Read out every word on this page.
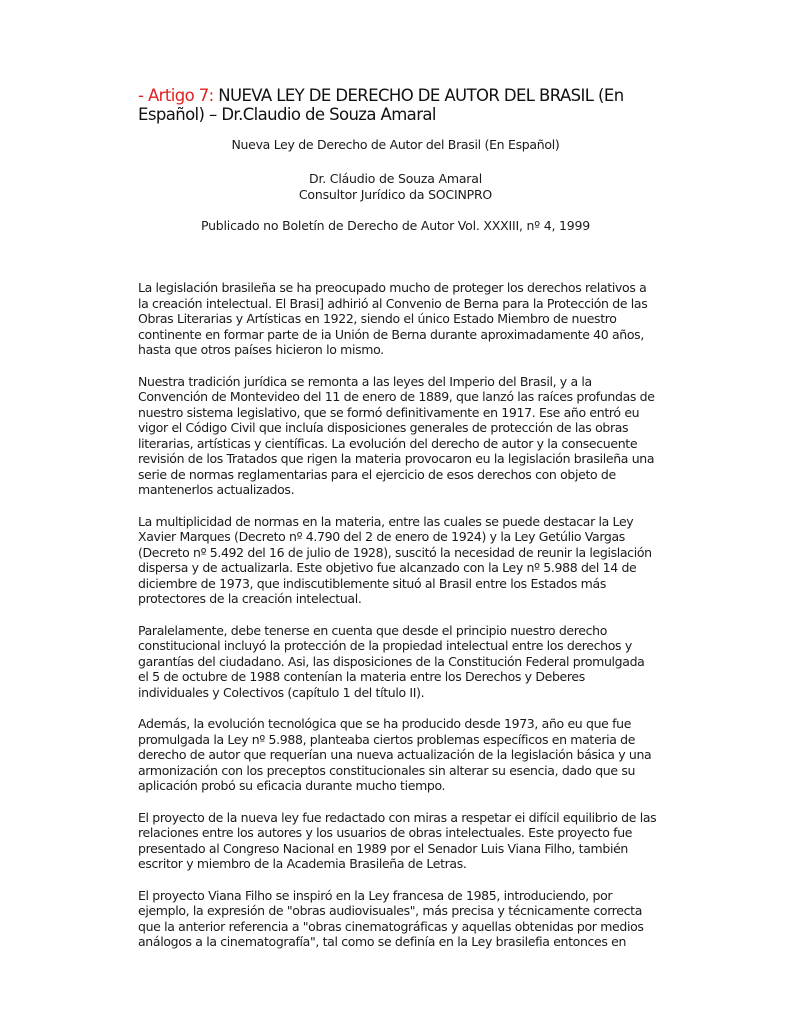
- Artigo 7: NUEVA LEY DE DERECHO DE AUTOR DEL BRASIL (En Español) – Dr.Claudio de Souza Amaral
Nueva Ley de Derecho de Autor del Brasil (En Español)
Dr. Cláudio de Souza Amaral
Consultor Jurídico da SOCINPRO
Publicado no Boletín de Derecho de Autor Vol. XXXIII, nº 4, 1999

La legislación brasileña se ha preocupado mucho de proteger los derechos relativos a la creación intelectual. El Brasi] adhirió al Convenio de Berna para la Protección de las Obras Literarias y Artísticas en 1922, siendo el único Estado Miembro de nuestro continente en formar parte de ia Unión de Berna durante aproximadamente 40 años, hasta que otros países hicieron lo mismo.

Nuestra tradición jurídica se remonta a las leyes del Imperio del Brasil, y a la Convención de Montevideo del 11 de enero de 1889, que lanzó las raíces profundas de nuestro sistema legislativo, que se formó definitivamente en 1917. Ese año entró eu vigor el Código Civil que incluía disposiciones generales de protección de las obras literarias, artísticas y científicas. La evolución del derecho de autor y la consecuente revisión de los Tratados que rigen la materia provocaron eu la legislación brasileña una serie de normas reglamentarias para el ejercicio de esos derechos con objeto de mantenerlos actualizados.

La multiplicidad de normas en la materia, entre las cuales se puede destacar la Ley Xavier Marques (Decreto nº 4.790 del 2 de enero de 1924) y la Ley Getúlio Vargas (Decreto nº 5.492 del 16 de julio de 1928), suscitó la necesidad de reunir la legislación dispersa y de actualizarla. Este objetivo fue alcanzado con la Ley nº 5.988 del 14 de diciembre de 1973, que indiscutiblemente situó al Brasil entre los Estados más protectores de la creación intelectual.

Paralelamente, debe tenerse en cuenta que desde el principio nuestro derecho constitucional incluyó la protección de la propiedad intelectual entre los derechos y garantías del ciudadano. Asi, las disposiciones de la Constitución Federal promulgada el 5 de octubre de 1988 contenían la materia entre los Derechos y Deberes individuales y Colectivos (capítulo 1 del título II).

Además, la evolución tecnológica que se ha producido desde 1973, año eu que fue promulgada la Ley nº 5.988, planteaba ciertos problemas específicos en materia de derecho de autor que requerían una nueva actualización de la legislación básica y una armonización con los preceptos constitucionales sin alterar su esencia, dado que su aplicación probó su eficacia durante mucho tiempo.

El proyecto de la nueva ley fue redactado con miras a respetar ei difícil equilibrio de las relaciones entre los autores y los usuarios de obras intelectuales. Este proyecto fue presentado al Congreso Nacional en 1989 por el Senador Luis Viana Filho, también escritor y miembro de la Academia Brasileña de Letras.

El proyecto Viana Filho se inspiró en la Ley francesa de 1985, introduciendo, por ejemplo, la expresión de "obras audiovisuales", más precisa y técnicamente correcta que la anterior referencia a "obras cinematográficas y aquellas obtenidas por medios análogos a la cinematografía", tal como se definía en la Ley brasilefia entonces en
